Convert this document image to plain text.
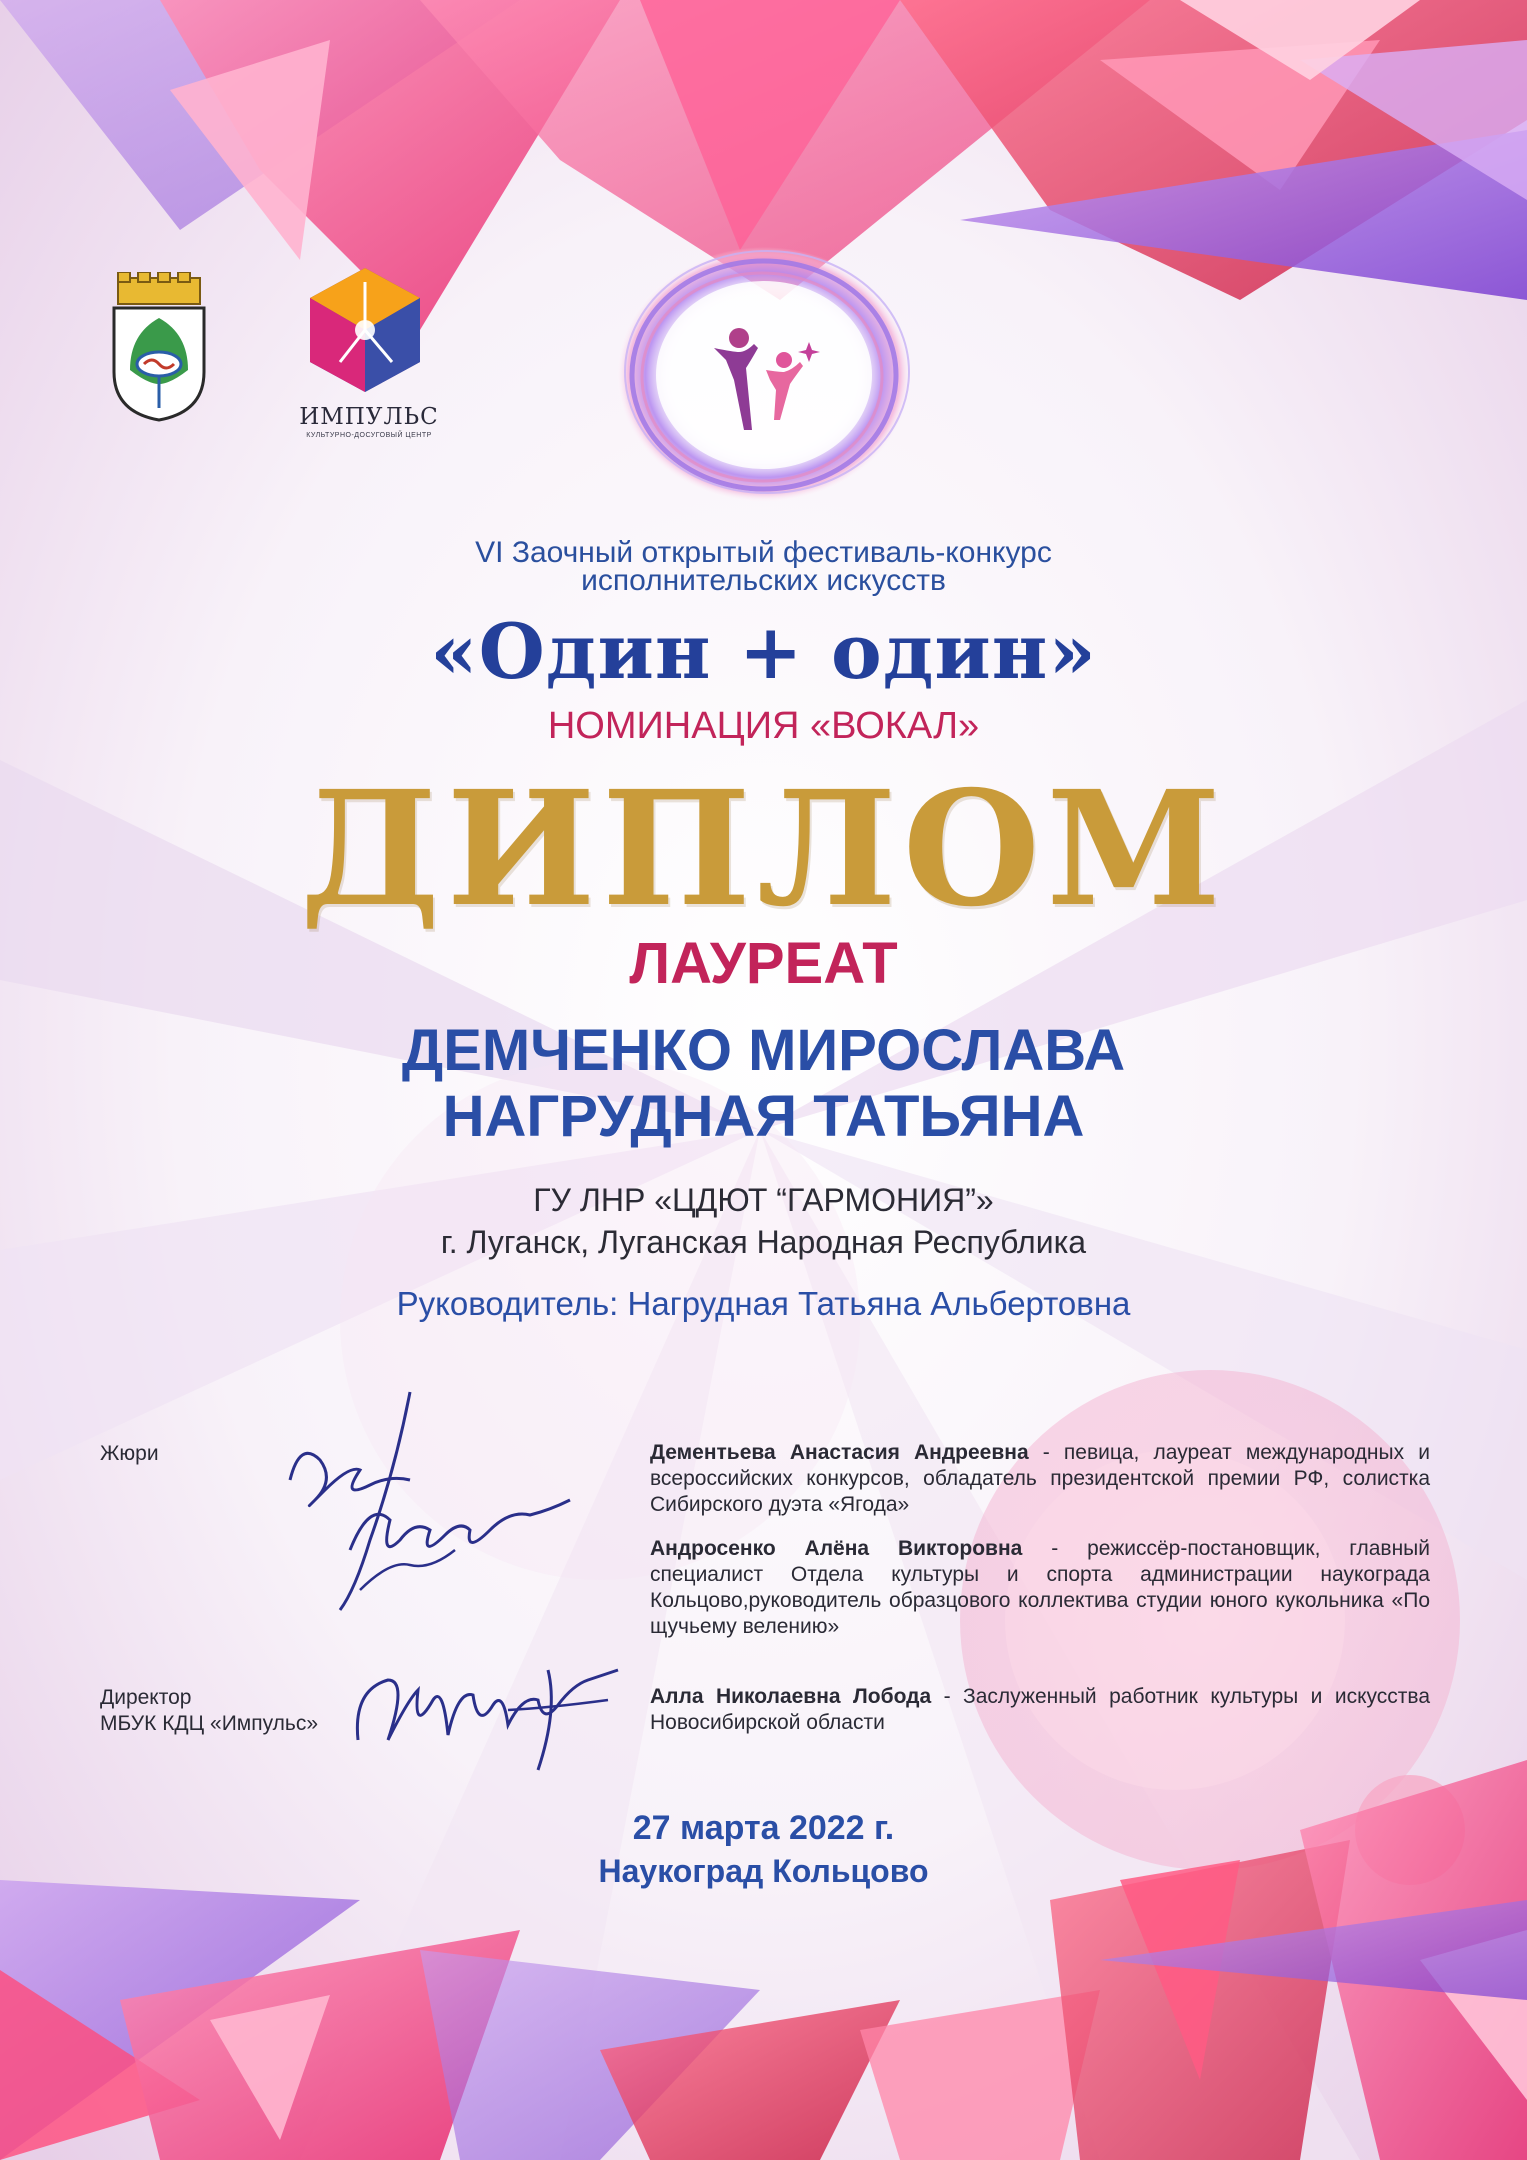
ИМПУЛЬС
КУЛЬТУРНО-ДОСУГОВЫЙ ЦЕНТР
VI Заочный открытый фестиваль-конкурс
исполнительских искусств
«Один + один»
НОМИНАЦИЯ «ВОКАЛ»
ДИПЛОМ
ЛАУРЕАТ
ДЕМЧЕНКО МИРОСЛАВА
НАГРУДНАЯ ТАТЬЯНА
ГУ ЛНР «ЦДЮТ “ГАРМОНИЯ”»
г. Луганск, Луганская Народная Республика
Руководитель: Нагрудная Татьяна Альбертовна
Жюри
Директор
МБУК КДЦ «Импульс»
Дементьева Анастасия Андреевна - певица, лауреат международных и всероссийских конкурсов, обладатель президентской премии РФ, солистка Сибирского дуэта «Ягода»
Андросенко Алёна Викторовна - режиссёр-постановщик, главный специалист Отдела культуры и спорта администрации наукограда Кольцово,руководитель образцового коллектива студии юного кукольника «По щучьему велению»
Алла Николаевна Лобода - Заслуженный работник культуры и искусства Новосибирской области
27 марта 2022 г.
Наукоград Кольцово
